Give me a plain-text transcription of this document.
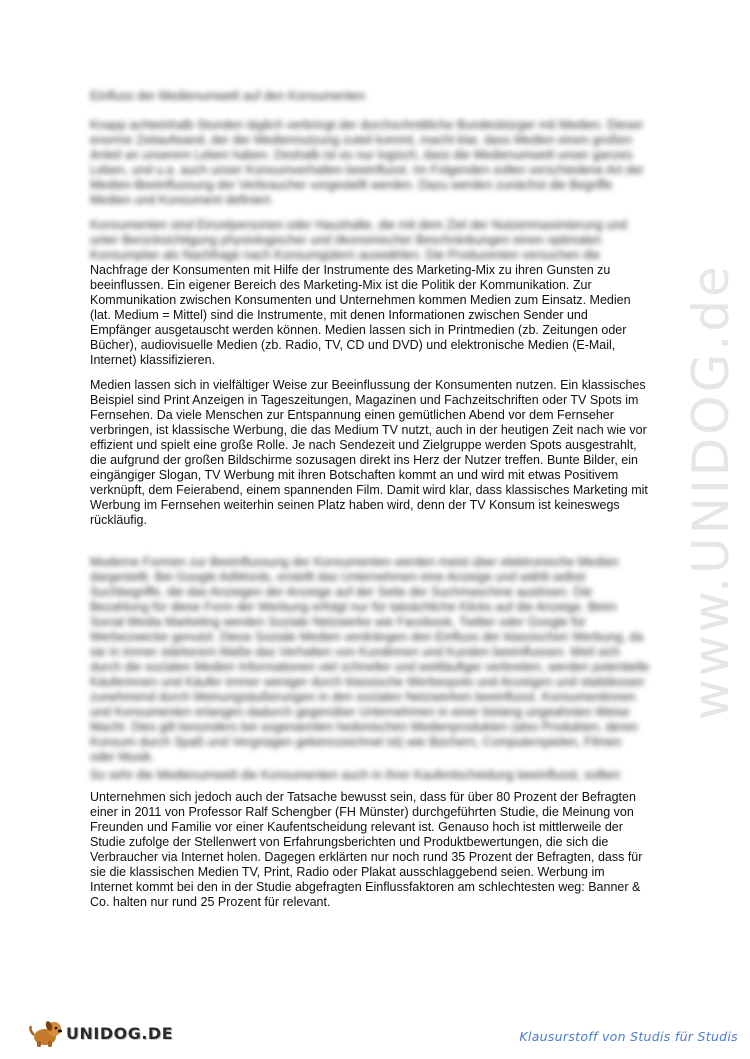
Einfluss der Medienumwelt auf den Konsumenten
Knapp achteinhalb Stunden täglich verbringt der durchschnittliche Bundesbürger mit Medien. Dieser enorme Zeitaufwand, der der Mediennutzung zuteil kommt, macht klar, dass Medien einen großen Anteil an unserem Leben haben. Deshalb ist es nur logisch, dass die Medienumwelt unser ganzes Leben, und u.a. auch unser Konsumverhalten beeinflusst. Im Folgenden sollen verschiedene Art der Medien-Beeinflussung der Verbraucher vorgestellt werden. Dazu werden zunächst die Begriffe Medien und Konsument definiert.
Konsumenten sind Einzelpersonen oder Haushalte, die mit dem Ziel der Nutzenmaximierung und unter Berücksichtigung physiologischer und ökonomischer Beschränkungen einen optimalen Konsumplan als Nachfrage nach Konsumgütern auswählen. Die Produzenten versuchen die
Nachfrage der Konsumenten mit Hilfe der Instrumente des Marketing-Mix zu ihren Gunsten zu beeinflussen. Ein eigener Bereich des Marketing-Mix ist die Politik der Kommunikation. Zur Kommunikation zwischen Konsumenten und Unternehmen kommen Medien zum Einsatz. Medien (lat. Medium = Mittel) sind die Instrumente, mit denen Informationen zwischen Sender und Empfänger ausgetauscht werden können. Medien lassen sich in Printmedien (zb. Zeitungen oder Bücher), audiovisuelle Medien (zb. Radio, TV, CD und DVD) und elektronische Medien (E-Mail, Internet) klassifizieren.
Medien lassen sich in vielfältiger Weise zur Beeinflussung der Konsumenten nutzen. Ein klassisches Beispiel sind Print Anzeigen in Tageszeitungen, Magazinen und Fachzeitschriften oder TV Spots im Fernsehen. Da viele Menschen zur Entspannung einen gemütlichen Abend vor dem Fernseher verbringen, ist klassische Werbung, die das Medium TV nutzt, auch in der heutigen Zeit nach wie vor effizient und spielt eine große Rolle. Je nach Sendezeit und Zielgruppe werden Spots ausgestrahlt, die aufgrund der großen Bildschirme sozusagen direkt ins Herz der Nutzer treffen. Bunte Bilder, ein eingängiger Slogan, TV Werbung mit ihren Botschaften kommt an und wird mit etwas Positivem verknüpft, dem Feierabend, einem spannenden Film. Damit wird klar, dass klassisches Marketing mit Werbung im Fernsehen weiterhin seinen Platz haben wird, denn der TV Konsum ist keineswegs rückläufig.
Moderne Formen zur Beeinflussung der Konsumenten werden meist über elektronische Medien dargestellt. Bei Google AdWords, erstellt das Unternehmen eine Anzeige und wählt selbst Suchbegriffe, die das Anzeigen der Anzeige auf der Seite der Suchmaschine auslösen. Die Bezahlung für diese Form der Werbung erfolgt nur für tatsächliche Klicks auf die Anzeige. Beim Social Media Marketing werden Soziale Netzwerke wie Facebook, Twitter oder Google für Werbezwecke genutzt. Diese Soziale Medien verdrängen den Einfluss der klassischen Werbung, da sie in immer stärkerem Maße das Verhalten von Kundinnen und Kunden beeinflussen. Weil sich durch die sozialen Medien Informationen viel schneller und weitläufiger verbreiten, werden potentielle Käuferinnen und Käufer immer weniger durch klassische Werbespots und Anzeigen und stattdessen zunehmend durch Meinungsäußerungen in den sozialen Netzwerken beeinflusst. Konsumentinnen und Konsumenten erlangen dadurch gegenüber Unternehmen in einer bislang ungeahnten Weise Macht. Dies gilt besonders bei sogenannten hedonischen Medienprodukten (also Produkten, deren Konsum durch Spaß und Vergnügen gekennzeichnet ist) wie Büchern, Computerspielen, Filmen oder Musik.
So sehr die Medienumwelt die Konsumenten auch in ihrer Kaufentscheidung beeinflusst, sollten
Unternehmen sich jedoch auch der Tatsache bewusst sein, dass für über 80 Prozent der Befragten einer in 2011 von Professor Ralf Schengber (FH Münster) durchgeführten Studie, die Meinung von Freunden und Familie vor einer Kaufentscheidung relevant ist. Genauso hoch ist mittlerweile der Studie zufolge der Stellenwert von Erfahrungsberichten und Produktbewertungen, die sich die Verbraucher via Internet holen. Dagegen erklärten nur noch rund 35 Prozent der Befragten, dass für sie die klassischen Medien TV, Print, Radio oder Plakat ausschlaggebend seien. Werbung im Internet kommt bei den in der Studie abgefragten Einflussfaktoren am schlechtesten weg: Banner & Co. halten nur rund 25 Prozent für relevant.
www.UNIDOG.de
UNIDOG.DE	Klausurstoff von Studis für Studis
